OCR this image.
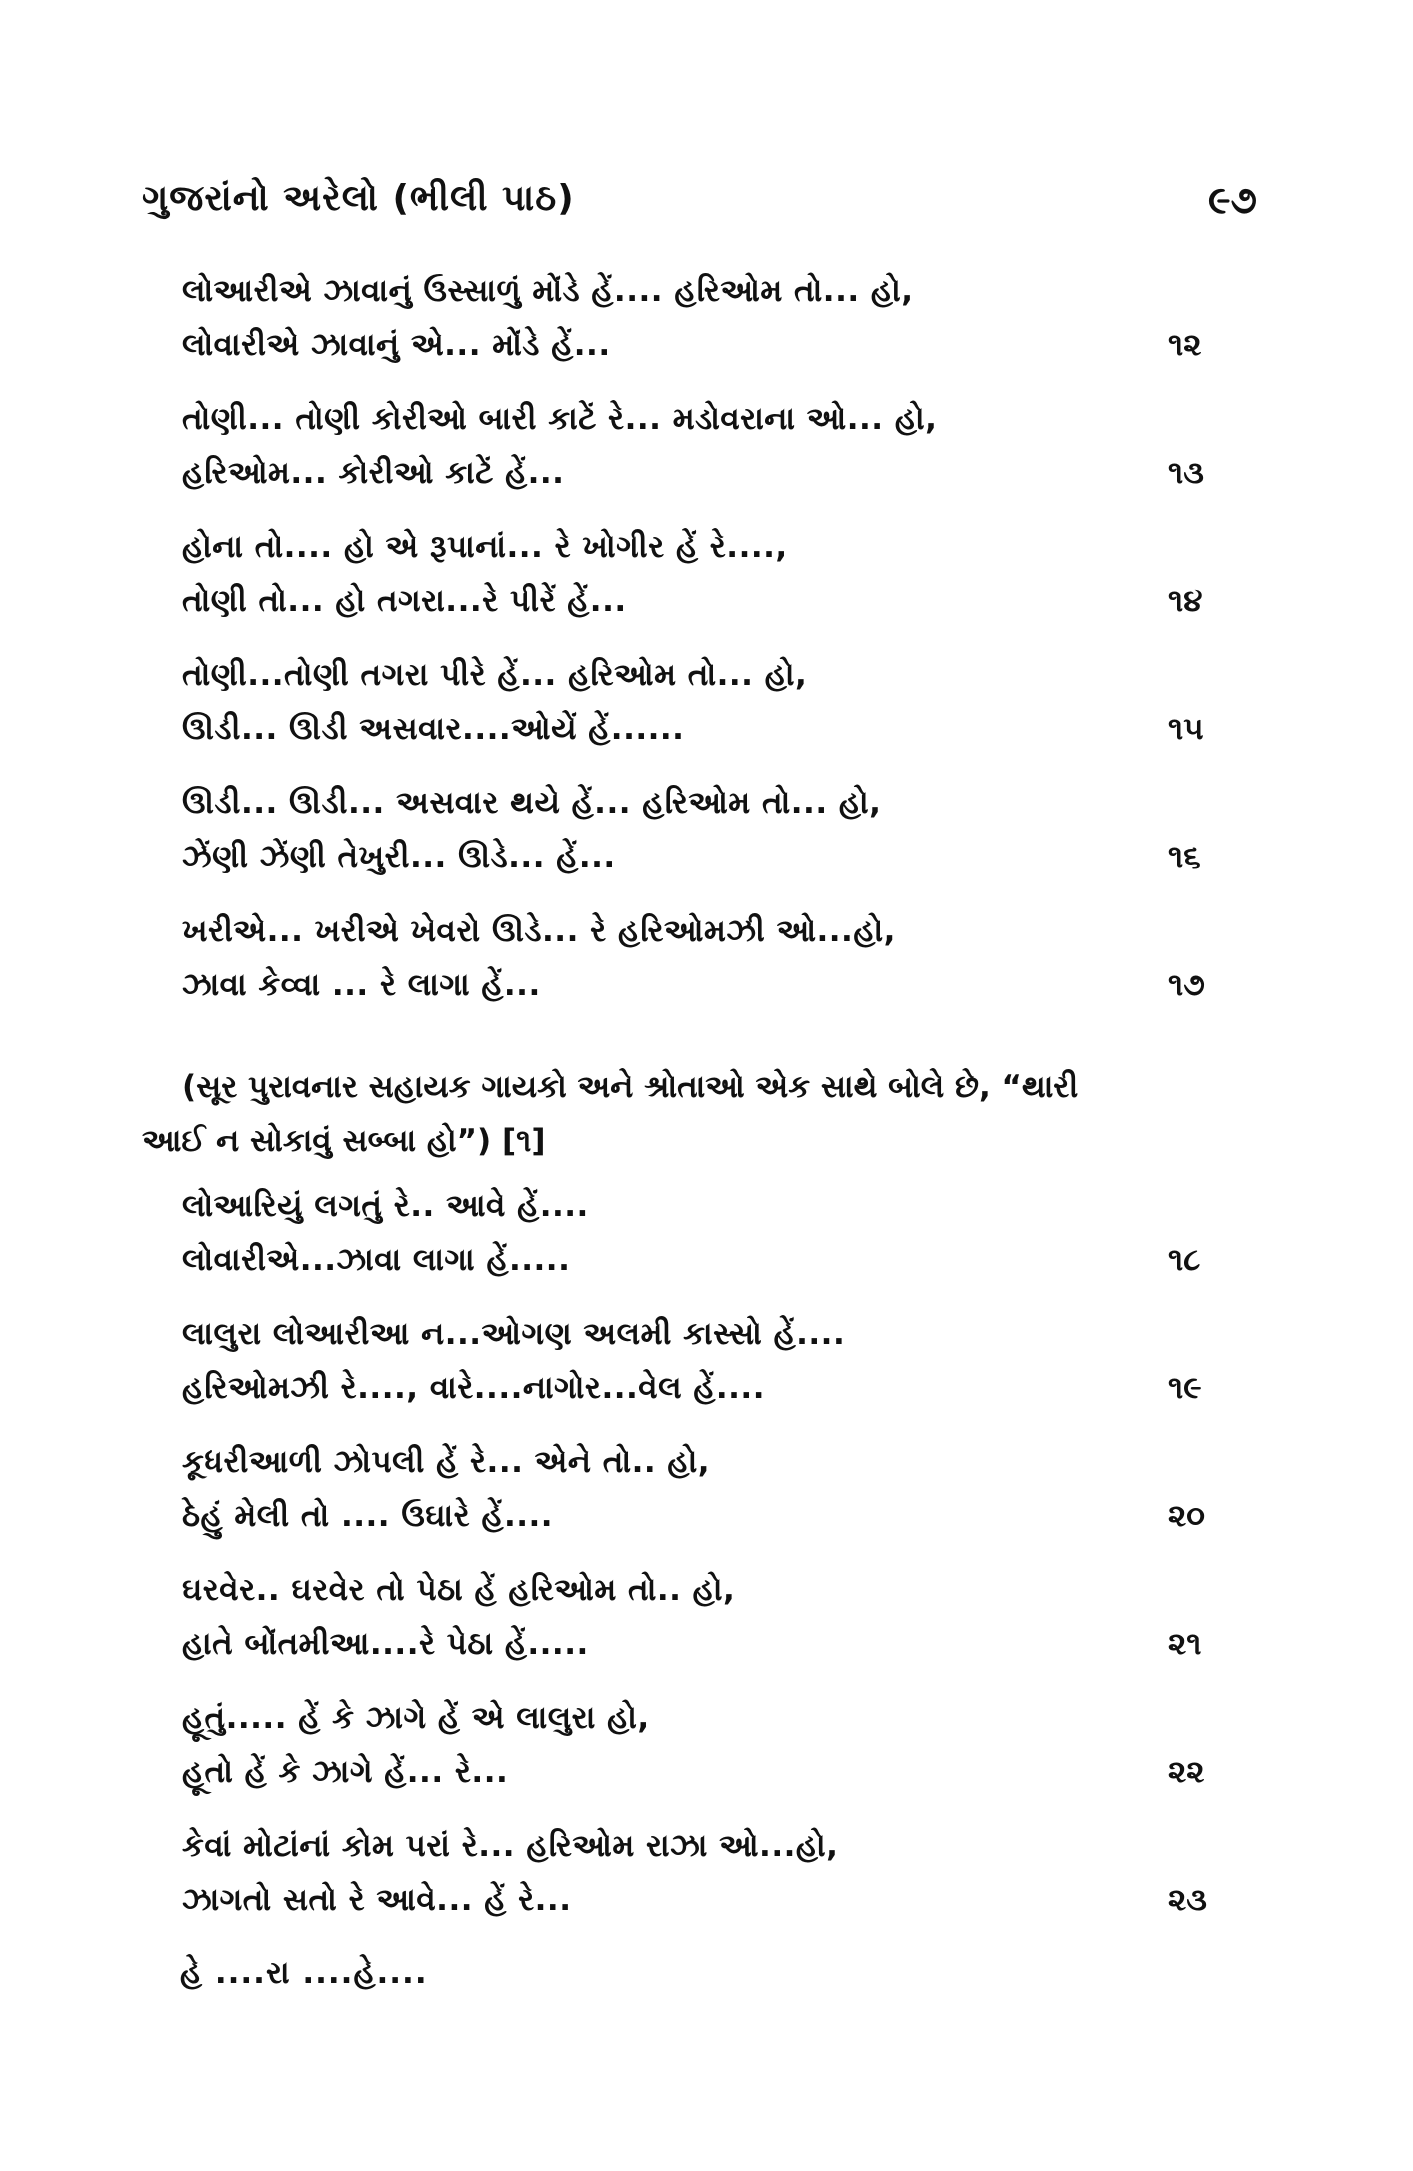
ગુજરાંનો અરેલો (ભીલી પાઠ)	૯૭
લોઆરીએ ઝાવાનું ઉસ્સાળું મોંડે હેં.... હરિઓમ તો... હો,
લોવારીએ ઝાવાનું એ... મોંડે હેં...	૧૨
તોણી... તોણી કોરીઓ બારી કાટેં રે... મડોવરાના ઓ... હો,
હરિઓમ... કોરીઓ કાટેં હેં...	૧૩
હોના તો.... હો એ રૂપાનાં... રે ખોગીર હેં રે....,
તોણી તો... હો તગરા...રે પીરેં હેં...	૧૪
તોણી...તોણી તગરા પીરે હેં... હરિઓમ તો... હો,
ઊડી... ઊડી અસવાર....ઓયેં હેં......	૧૫
ઊડી... ઊડી... અસવાર થયે હેં... હરિઓમ તો... હો,
ઝેંણી ઝેંણી તેખુરી... ઊડે... હેં...	૧૬
ખરીએ... ખરીએ ખેવરો ઊડે... રે હરિઓમઝી ઓ...હો,
ઝાવા કેવ્વા ... રે લાગા હેં...	૧૭
(સૂર પુરાવનાર સહાયક ગાયકો અને શ્રોતાઓ એક સાથે બોલે છે, “થારી
આઈ ન સોકાવું સબ્બા હો”) [૧]
લોઆરિયું લગતું રે.. આવે હેં....
લોવારીએ...ઝાવા લાગા હેં.....	૧૮
લાલુરા લોઆરીઆ ન...ઓગણ અલમી કાસ્સો હેં....
હરિઓમઝી રે...., વારે....નાગોર...વેલ હેં....	૧૯
કૂધરીઆળી ઝોપલી હેં રે... એને તો.. હો,
ઠેહું મેલી તો .... ઉઘારે હેં....	૨૦
ઘરવેર.. ઘરવેર તો પેઠા હેં હરિઓમ તો.. હો,
હાતે બોંતમીઆ....રે પેઠા હેં.....	૨૧
હૂતું..... હેં કે ઝાગે હેં એ લાલુરા હો,
હૂતો હેં કે ઝાગે હેં... રે...	૨૨
કેવાં મોટાંનાં કોમ પરાં રે... હરિઓમ રાઝા ઓ...હો,
ઝાગતો સતો રે આવે... હેં રે...	૨૩
હે ....રા ....હે....
